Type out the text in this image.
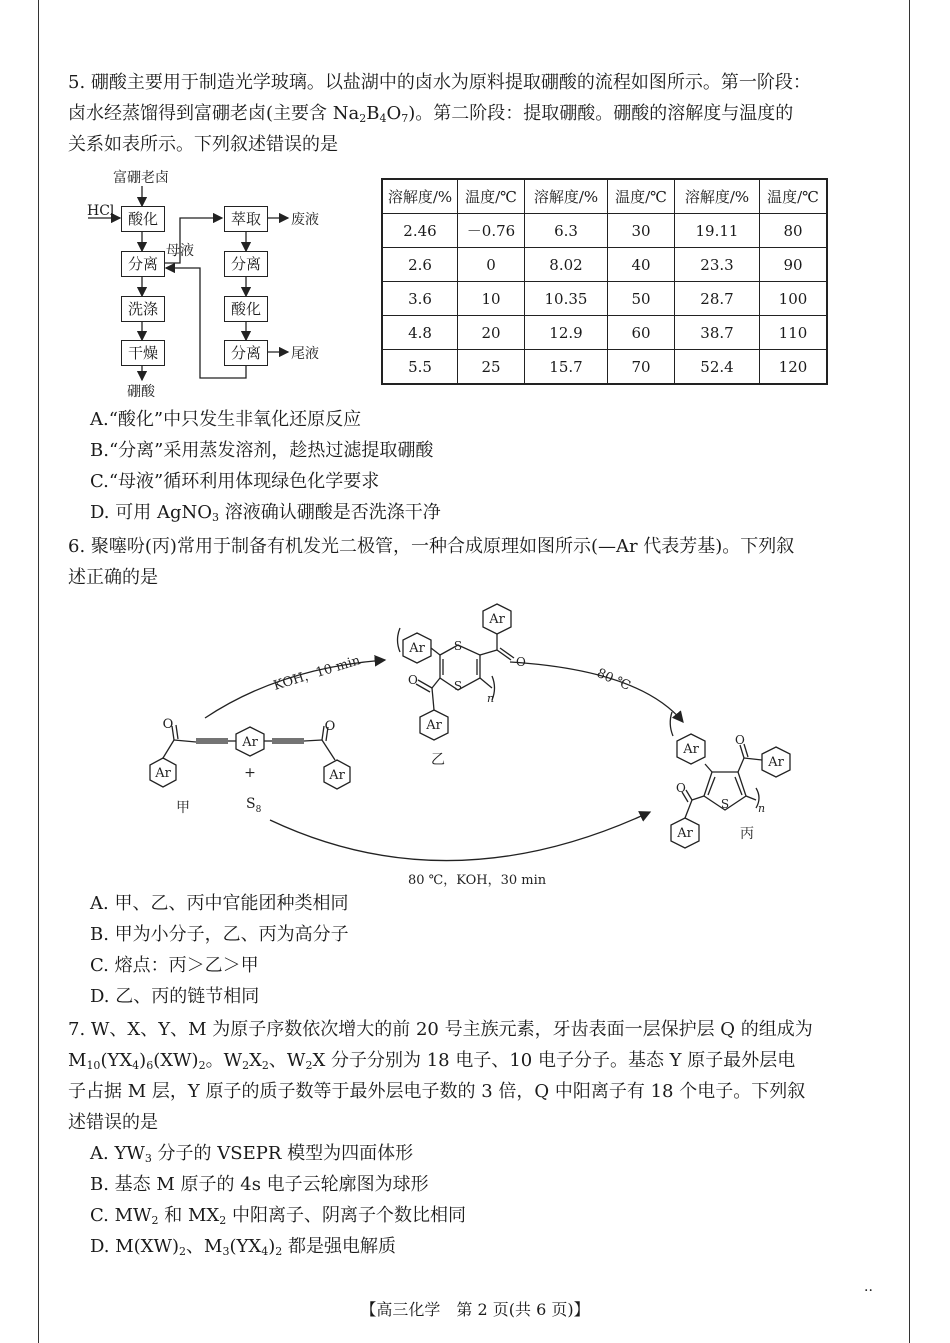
5. 硼酸主要用于制造光学玻璃。以盐湖中的卤水为原料提取硼酸的流程如图所示。第一阶段：
卤水经蒸馏得到富硼老卤(主要含 $Na_2B_4O_7$)。第二阶段：提取硼酸。硼酸的溶解度与温度的
关系如表所示。下列叙述错误的是
富硼老卤
HCl 酸化
分离
洗涤
干燥
硼酸
母液
萃取	废液
分离
酸化
分离	尾液
溶解度/%	温度/℃	溶解度/%	温度/℃	溶解度/%	温度/℃
2.46	－0.76	6.3	30	19.11	80
2.6	0	8.02	40	23.3	90
3.6	10	10.35	50	28.7	100
4.8	20	12.9	60	38.7	110
5.5	25	15.7	70	52.4	120
A.“酸化”中只发生非氧化还原反应
B.“分离”采用蒸发溶剂，趁热过滤提取硼酸
C.“母液”循环利用体现绿色化学要求
D. 可用 AgNO$_3$ 溶液确认硼酸是否洗涤干净
6. 聚噻吩(丙)常用于制备有机发光二极管，一种合成原理如图所示(—Ar 代表芳基)。下列叙
述正确的是
Ar
O
Ar
O
Ar
+
$S_8$
甲
Ar
Ar
Ar
S
S
O
O
n
乙
Ar
Ar
Ar
S
O
O
n
丙
KOH，10 min	80 ℃
80 ℃，KOH，30 min
A. 甲、乙、丙中官能团种类相同
B. 甲为小分子，乙、丙为高分子
C. 熔点：丙＞乙＞甲
D. 乙、丙的链节相同
7. W、X、Y、M 为原子序数依次增大的前 20 号主族元素，牙齿表面一层保护层 Q 的组成为
$M_{10}(YX_4)_6(XW)_2$。$W_2X_2$、$W_2X$ 分子分别为 18 电子、10 电子分子。基态 Y 原子最外层电
子占据 M 层，Y 原子的质子数等于最外层电子数的 3 倍，Q 中阳离子有 18 个电子。下列叙
述错误的是
A. $YW_3$ 分子的 VSEPR 模型为四面体形
B. 基态 M 原子的 4s 电子云轮廓图为球形
C. $MW_2$ 和 $MX_2$ 中阳离子、阴离子个数比相同
D. $M(XW)_2$、$M_3(YX_4)_2$ 都是强电解质
【高三化学　第 2 页(共 6 页)】
··
